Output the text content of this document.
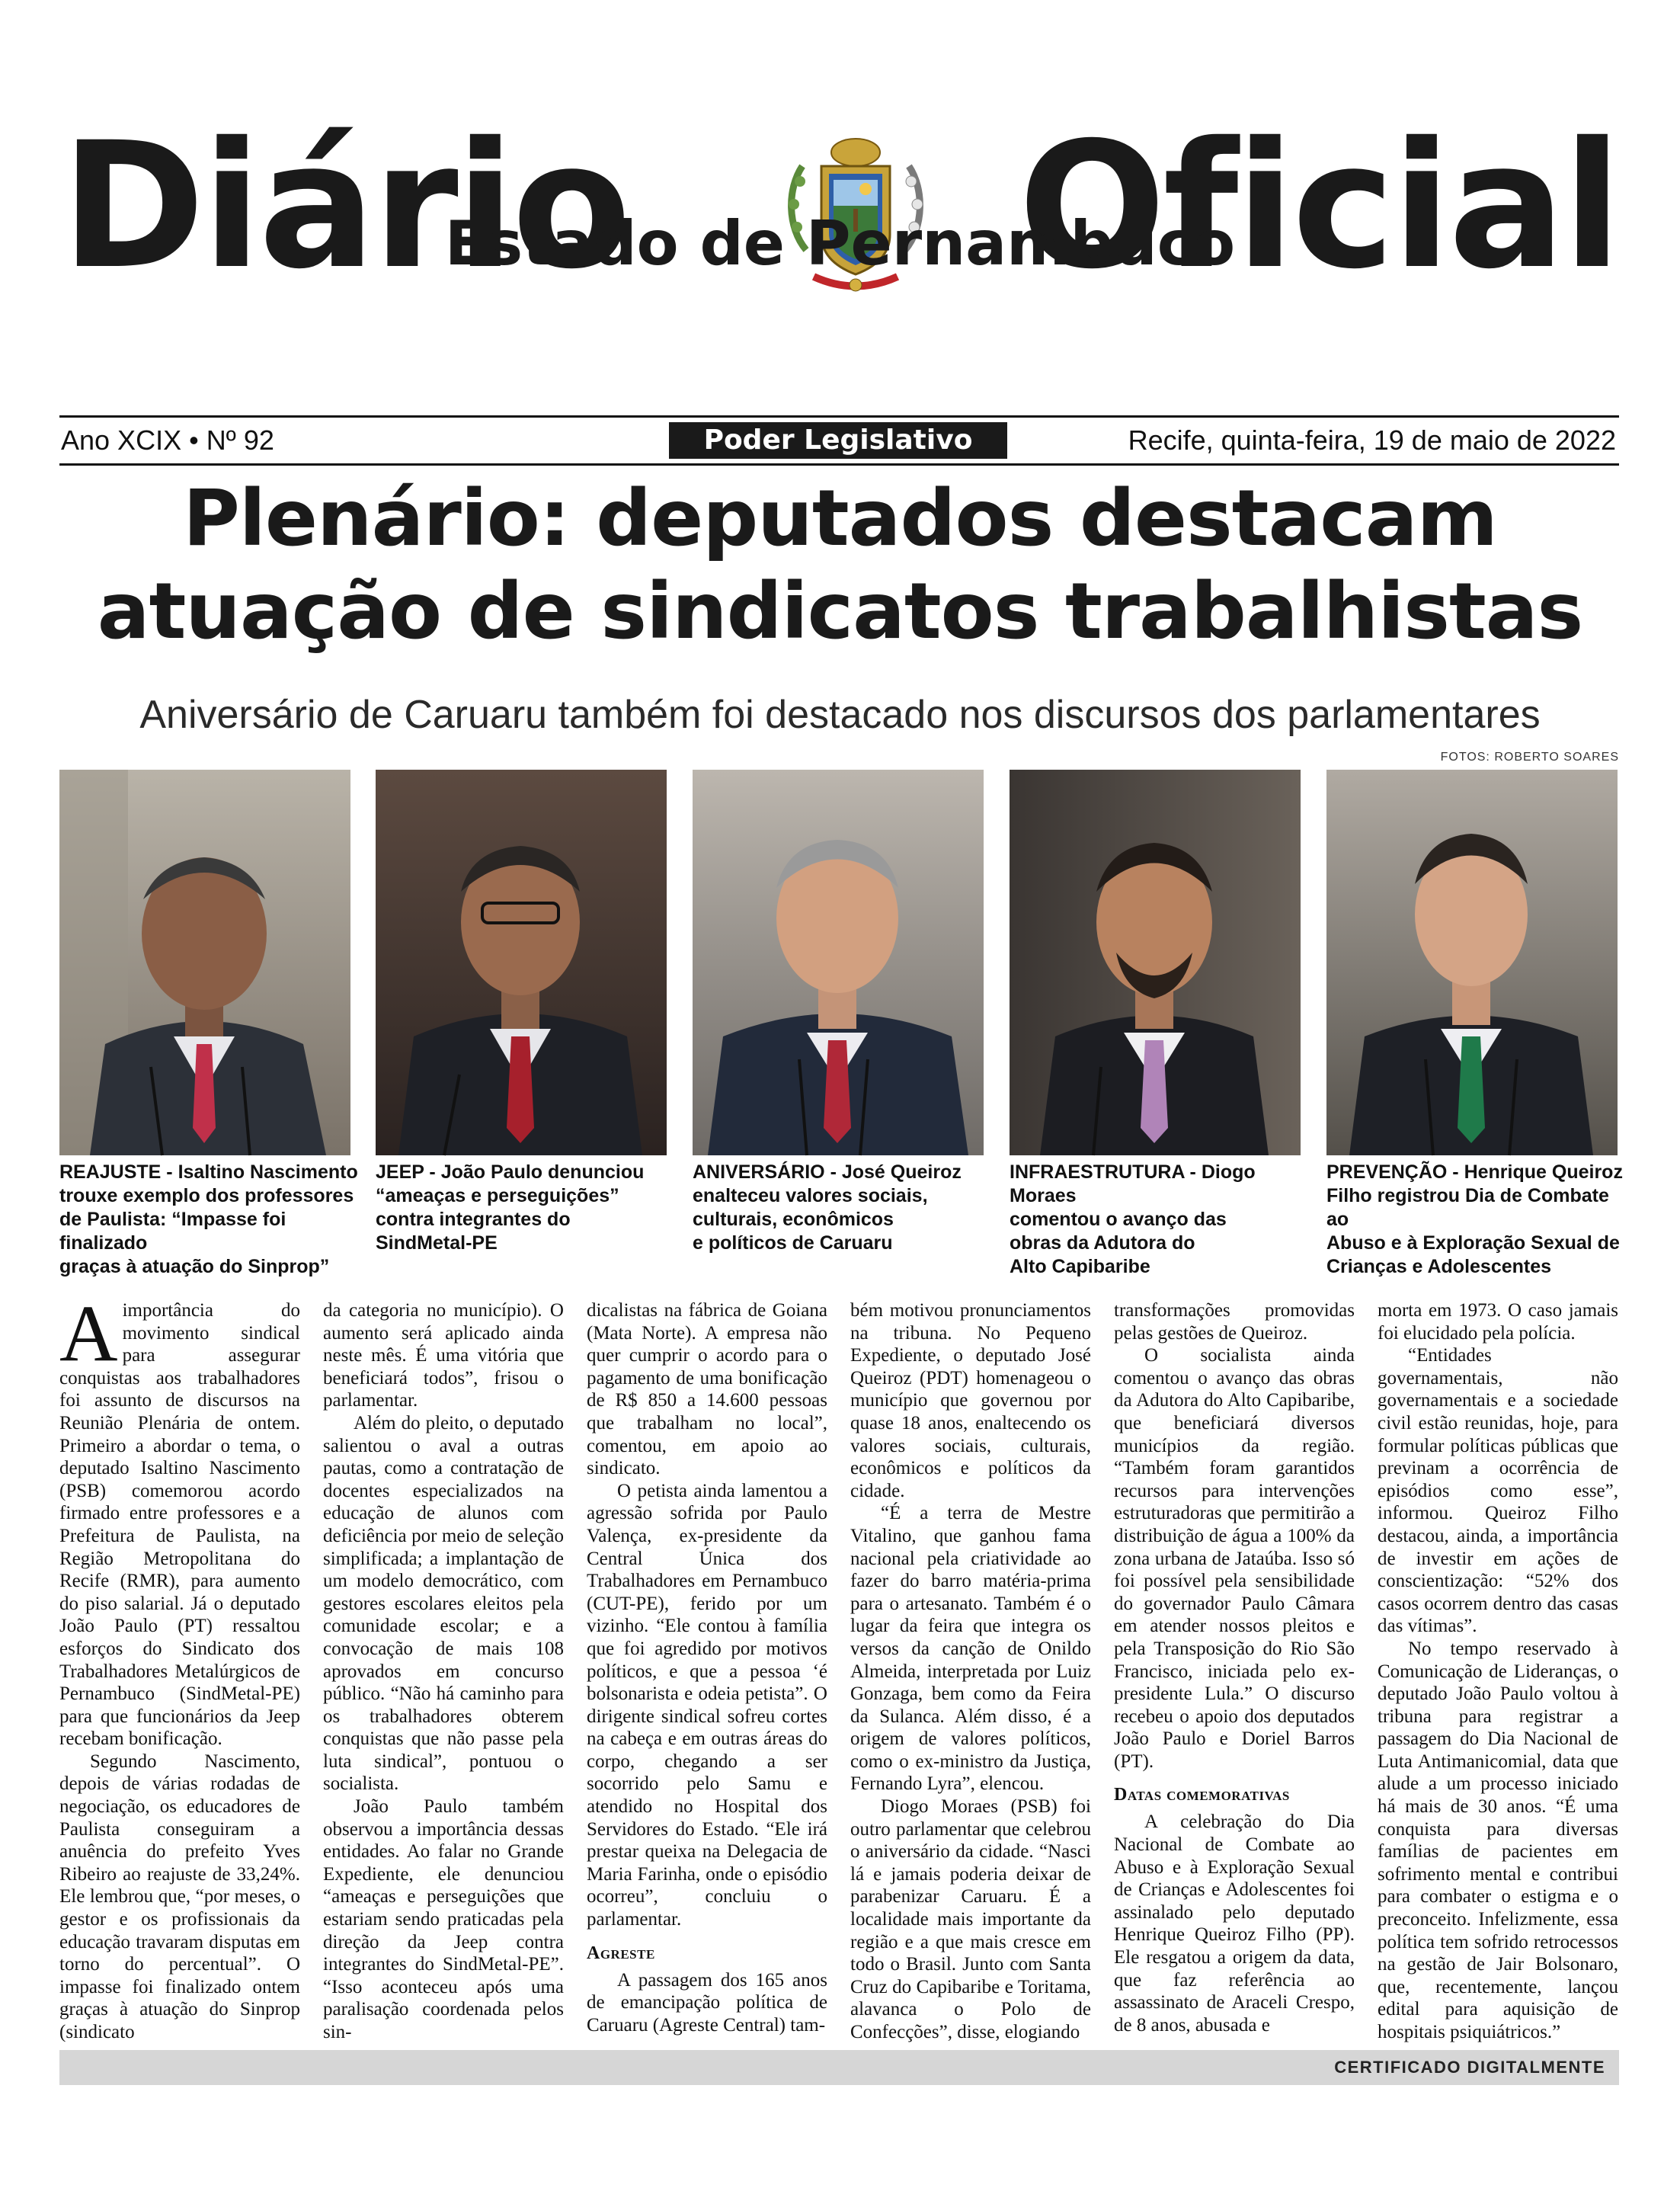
Diário Oficial
Estado de Pernambuco
Ano XCIX • Nº 92	Poder Legislativo	Recife, quinta-feira, 19 de maio de 2022
Plenário: deputados destacam
atuação de sindicatos trabalhistas
Aniversário de Caruaru também foi destacado nos discursos dos parlamentares
FOTOS: ROBERTO SOARES
REAJUSTE - Isaltino Nascimento
trouxe exemplo dos professores
de Paulista: “Impasse foi finalizado
graças à atuação do Sinprop”
JEEP - João Paulo denunciou
“ameaças e perseguições”
contra integrantes do
SindMetal-PE
ANIVERSÁRIO - José Queiroz
enalteceu valores sociais,
culturais, econômicos
e políticos de Caruaru
INFRAESTRUTURA - Diogo Moraes
comentou o avanço das
obras da Adutora do
Alto Capibaribe
PREVENÇÃO - Henrique Queiroz
Filho registrou Dia de Combate ao
Abuso e à Exploração Sexual de
Crianças e Adolescentes

A importância do movimento sindical para assegurar conquistas aos trabalhadores foi assunto de discursos na Reunião Plenária de ontem. Primeiro a abordar o tema, o deputado Isaltino Nascimento (PSB) comemorou acordo firmado entre professores e a Prefeitura de Paulista, na Região Metropolitana do Recife (RMR), para aumento do piso salarial. Já o deputado João Paulo (PT) ressaltou esforços do Sindicato dos Trabalhadores Metalúrgicos de Pernambuco (SindMetal-PE) para que funcionários da Jeep recebam bonificação.

Segundo Nascimento, depois de várias rodadas de negociação, os educadores de Paulista conseguiram a anuência do prefeito Yves Ribeiro ao reajuste de 33,24%. Ele lembrou que, “por meses, o gestor e os profissionais da educação travaram disputas em torno do percentual”. O impasse foi finalizado ontem graças à atuação do Sinprop (sindicato

da categoria no município). O aumento será aplicado ainda neste mês. É uma vitória que beneficiará todos”, frisou o parlamentar.

Além do pleito, o deputado salientou o aval a outras pautas, como a contratação de docentes especializados na educação de alunos com deficiência por meio de seleção simplificada; a implantação de um modelo democrático, com gestores escolares eleitos pela comunidade escolar; e a convocação de mais 108 aprovados em concurso público. “Não há caminho para os trabalhadores obterem conquistas que não passe pela luta sindical”, pontuou o socialista.

João Paulo também observou a importância dessas entidades. Ao falar no Grande Expediente, ele denunciou “ameaças e perseguições que estariam sendo praticadas pela direção da Jeep contra integrantes do SindMetal-PE”. “Isso aconteceu após uma paralisação coordenada pelos sin-

dicalistas na fábrica de Goiana (Mata Norte). A empresa não quer cumprir o acordo para o pagamento de uma bonificação de R$ 850 a 14.600 pessoas que trabalham no local”, comentou, em apoio ao sindicato.

O petista ainda lamentou a agressão sofrida por Paulo Valença, ex-presidente da Central Única dos Trabalhadores em Pernambuco (CUT-PE), ferido por um vizinho. “Ele contou à família que foi agredido por motivos políticos, e que a pessoa ‘é bolsonarista e odeia petista”. O dirigente sindical sofreu cortes na cabeça e em outras áreas do corpo, chegando a ser socorrido pelo Samu e atendido no Hospital dos Servidores do Estado. “Ele irá prestar queixa na Delegacia de Maria Farinha, onde o episódio ocorreu”, concluiu o parlamentar.

Agreste

A passagem dos 165 anos de emancipação política de Caruaru (Agreste Central) tam-

bém motivou pronunciamentos na tribuna. No Pequeno Expediente, o deputado José Queiroz (PDT) homenageou o município que governou por quase 18 anos, enaltecendo os valores sociais, culturais, econômicos e políticos da cidade.

“É a terra de Mestre Vitalino, que ganhou fama nacional pela criatividade ao fazer do barro matéria-prima para o artesanato. Também é o lugar da feira que integra os versos da canção de Onildo Almeida, interpretada por Luiz Gonzaga, bem como da Feira da Sulanca. Além disso, é a origem de valores políticos, como o ex-ministro da Justiça, Fernando Lyra”, elencou.

Diogo Moraes (PSB) foi outro parlamentar que celebrou o aniversário da cidade. “Nasci lá e jamais poderia deixar de parabenizar Caruaru. É a localidade mais importante da região e a que mais cresce em todo o Brasil. Junto com Santa Cruz do Capibaribe e Toritama, alavanca o Polo de Confecções”, disse, elogiando

transformações promovidas pelas gestões de Queiroz.

O socialista ainda comentou o avanço das obras da Adutora do Alto Capibaribe, que beneficiará diversos municípios da região. “Também foram garantidos recursos para intervenções estruturadoras que permitirão a distribuição de água a 100% da zona urbana de Jataúba. Isso só foi possível pela sensibilidade do governador Paulo Câmara em atender nossos pleitos e pela Transposição do Rio São Francisco, iniciada pelo ex-presidente Lula.” O discurso recebeu o apoio dos deputados João Paulo e Doriel Barros (PT).

Datas comemorativas

A celebração do Dia Nacional de Combate ao Abuso e à Exploração Sexual de Crianças e Adolescentes foi assinalado pelo deputado Henrique Queiroz Filho (PP). Ele resgatou a origem da data, que faz referência ao assassinato de Araceli Crespo, de 8 anos, abusada e

morta em 1973. O caso jamais foi elucidado pela polícia.

“Entidades governamentais, não governamentais e a sociedade civil estão reunidas, hoje, para formular políticas públicas que previnam a ocorrência de episódios como esse”, informou. Queiroz Filho destacou, ainda, a importância de investir em ações de conscientização: “52% dos casos ocorrem dentro das casas das vítimas”.

No tempo reservado à Comunicação de Lideranças, o deputado João Paulo voltou à tribuna para registrar a passagem do Dia Nacional de Luta Antimanicomial, data que alude a um processo iniciado há mais de 30 anos. “É uma conquista para diversas famílias de pacientes em sofrimento mental e contribui para combater o estigma e o preconceito. Infelizmente, essa política tem sofrido retrocessos na gestão de Jair Bolsonaro, que, recentemente, lançou edital para aquisição de hospitais psiquiátricos.”

CERTIFICADO DIGITALMENTE
